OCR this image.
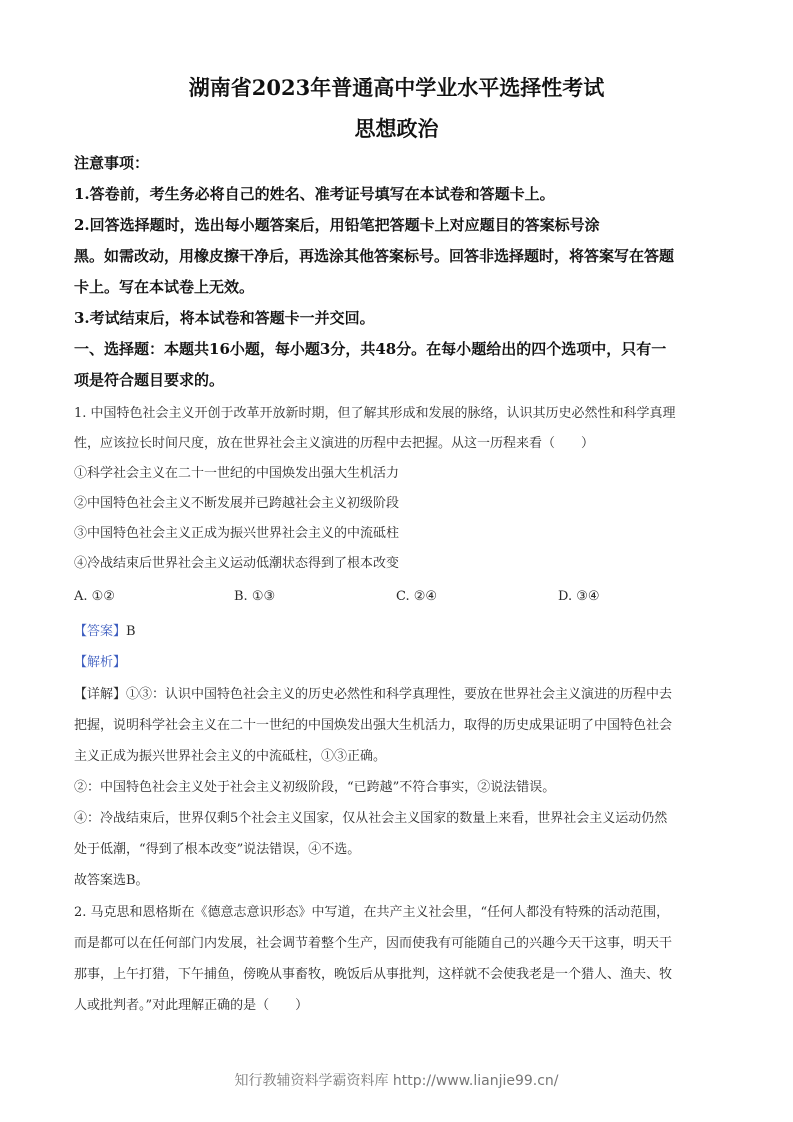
湖南省2023年普通高中学业水平选择性考试
思想政治
注意事项：
1.答卷前，考生务必将自己的姓名、准考证号填写在本试卷和答题卡上。
2.回答选择题时，选出每小题答案后，用铅笔把答题卡上对应题目的答案标号涂
黑。如需改动，用橡皮擦干净后，再选涂其他答案标号。回答非选择题时，将答案写在答题
卡上。写在本试卷上无效。
3.考试结束后，将本试卷和答题卡一并交回。
一、选择题：本题共16小题，每小题3分，共48分。在每小题给出的四个选项中，只有一
项是符合题目要求的。
1. 中国特色社会主义开创于改革开放新时期，但了解其形成和发展的脉络，认识其历史必然性和科学真理
性，应该拉长时间尺度，放在世界社会主义演进的历程中去把握。从这一历程来看（　　）
①科学社会主义在二十一世纪的中国焕发出强大生机活力
②中国特色社会主义不断发展并已跨越社会主义初级阶段
③中国特色社会主义正成为振兴世界社会主义的中流砥柱
④冷战结束后世界社会主义运动低潮状态得到了根本改变
A. ①②	B. ①③	C. ②④	D. ③④
【答案】B
【解析】
【详解】①③：认识中国特色社会主义的历史必然性和科学真理性，要放在世界社会主义演进的历程中去
把握，说明科学社会主义在二十一世纪的中国焕发出强大生机活力，取得的历史成果证明了中国特色社会
主义正成为振兴世界社会主义的中流砥柱，①③正确。
②：中国特色社会主义处于社会主义初级阶段，“已跨越”不符合事实，②说法错误。
④：冷战结束后，世界仅剩5个社会主义国家，仅从社会主义国家的数量上来看，世界社会主义运动仍然
处于低潮，“得到了根本改变”说法错误，④不选。
故答案选B。
2. 马克思和恩格斯在《德意志意识形态》中写道，在共产主义社会里，“任何人都没有特殊的活动范围，
而是都可以在任何部门内发展，社会调节着整个生产，因而使我有可能随自己的兴趣今天干这事，明天干
那事，上午打猎，下午捕鱼，傍晚从事畜牧，晚饭后从事批判，这样就不会使我老是一个猎人、渔夫、牧
人或批判者。”对此理解正确的是（　　）
知行教辅资料学霸资料库 http://www.lianjie99.cn/
